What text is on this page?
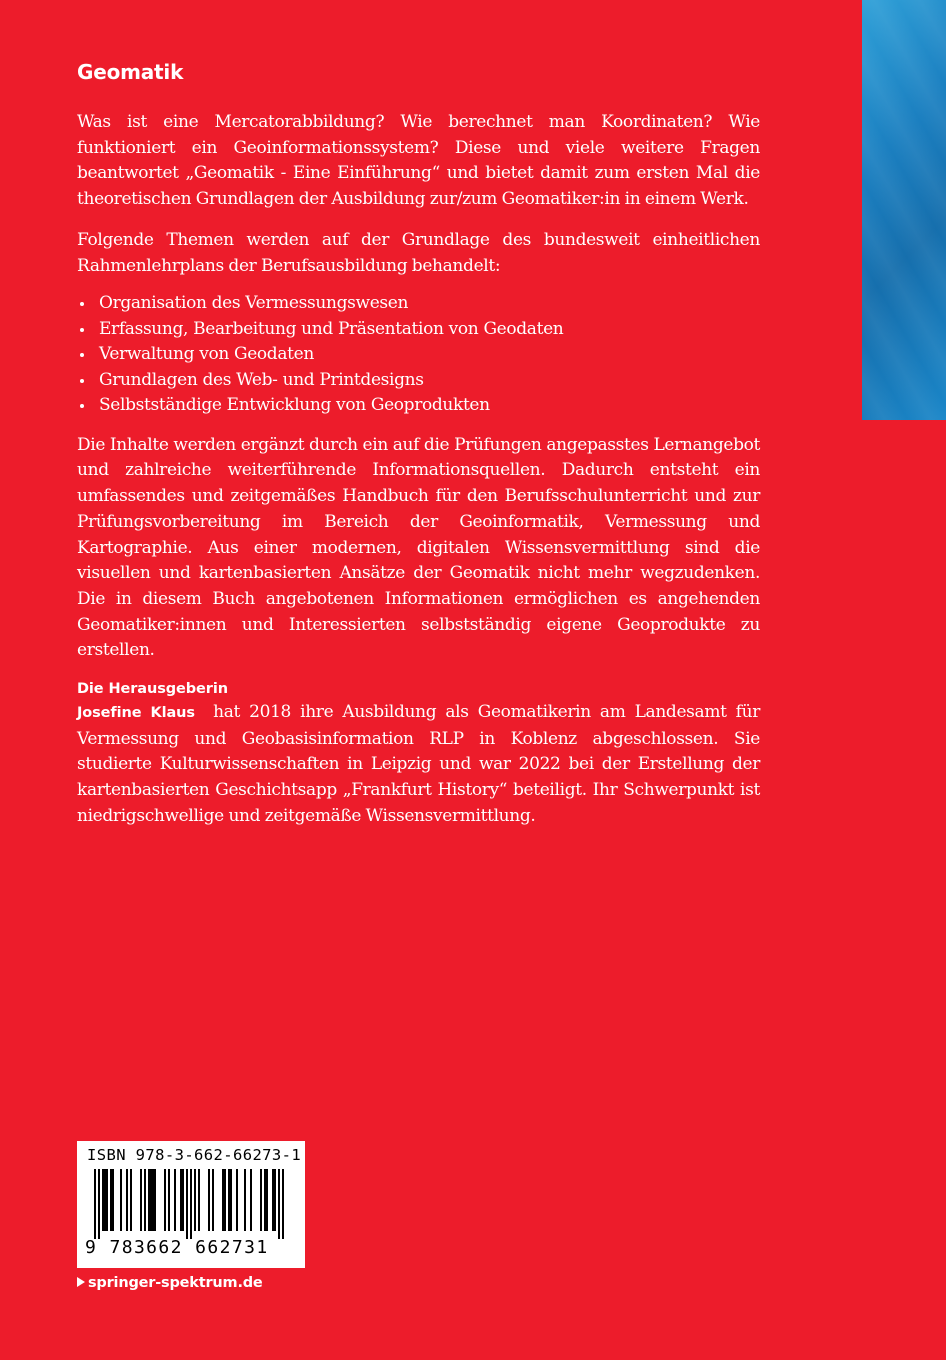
Geomatik

Was ist eine Mercatorabbildung? Wie berechnet man Koordinaten? Wie funktioniert ein Geoinformationssystem? Diese und viele weitere Fragen beantwortet „Geomatik - Eine Einführung“ und bietet damit zum ersten Mal die theoretischen Grundlagen der Ausbildung zur/zum Geomatiker:in in einem Werk.

Folgende Themen werden auf der Grundlage des bundesweit einheitlichen Rahmenlehrplans der Berufsausbildung behandelt:

Organisation des Vermessungswesen
Erfassung, Bearbeitung und Präsentation von Geodaten
Verwaltung von Geodaten
Grundlagen des Web- und Printdesigns
Selbstständige Entwicklung von Geoprodukten

Die Inhalte werden ergänzt durch ein auf die Prüfungen angepasstes Lernangebot und zahlreiche weiterführende Informationsquellen. Dadurch entsteht ein umfassendes und zeitgemäßes Handbuch für den Berufsschulunterricht und zur Prüfungsvorbereitung im Bereich der Geoinformatik, Vermessung und Kartographie. Aus einer modernen, digitalen Wissensvermittlung sind die visuellen und kartenbasierten Ansätze der Geomatik nicht mehr wegzudenken. Die in diesem Buch angebotenen Informationen ermöglichen es angehenden Geomatiker:innen und Interessierten selbstständig eigene Geoprodukte zu erstellen.

Die Herausgeberin

Josefine Klaus hat 2018 ihre Ausbildung als Geomatikerin am Landesamt für Vermessung und Geobasisinformation RLP in Koblenz abgeschlossen. Sie studierte Kulturwissenschaften in Leipzig und war 2022 bei der Erstellung der kartenbasierten Geschichtsapp „Frankfurt History“ beteiligt. Ihr Schwerpunkt ist niedrigschwellige und zeitgemäße Wissensvermittlung.

ISBN 978-3-662-66273-1
9 783662 662731
springer-spektrum.de
